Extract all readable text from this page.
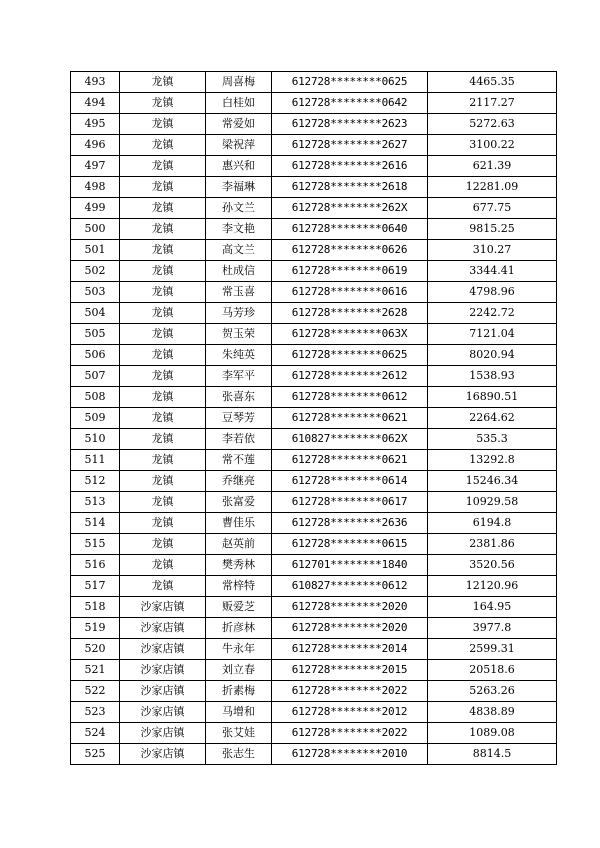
493	龙镇	周喜梅	612728********0625	4465.35
494	龙镇	白桂如	612728********0642	2117.27
495	龙镇	常爱如	612728********2623	5272.63
496	龙镇	梁祝萍	612728********2627	3100.22
497	龙镇	惠兴和	612728********2616	621.39
498	龙镇	李福琳	612728********2618	12281.09
499	龙镇	孙文兰	612728********262X	677.75
500	龙镇	李文艳	612728********0640	9815.25
501	龙镇	高文兰	612728********0626	310.27
502	龙镇	杜成信	612728********0619	3344.41
503	龙镇	常玉喜	612728********0616	4798.96
504	龙镇	马芳珍	612728********2628	2242.72
505	龙镇	贺玉荣	612728********063X	7121.04
506	龙镇	朱纯英	612728********0625	8020.94
507	龙镇	李军平	612728********2612	1538.93
508	龙镇	张喜东	612728********0612	16890.51
509	龙镇	豆琴芳	612728********0621	2264.62
510	龙镇	李若依	610827********062X	535.3
511	龙镇	常不莲	612728********0621	13292.8
512	龙镇	乔继亮	612728********0614	15246.34
513	龙镇	张富爱	612728********0617	10929.58
514	龙镇	曹佳乐	612728********2636	6194.8
515	龙镇	赵英前	612728********0615	2381.86
516	龙镇	樊秀林	612701********1840	3520.56
517	龙镇	常梓特	610827********0612	12120.96
518	沙家店镇	贩爱芝	612728********2020	164.95
519	沙家店镇	折彦林	612728********2020	3977.8
520	沙家店镇	牛永年	612728********2014	2599.31
521	沙家店镇	刘立春	612728********2015	20518.6
522	沙家店镇	折素梅	612728********2022	5263.26
523	沙家店镇	马增和	612728********2012	4838.89
524	沙家店镇	张艾娃	612728********2022	1089.08
525	沙家店镇	张志生	612728********2010	8814.5
